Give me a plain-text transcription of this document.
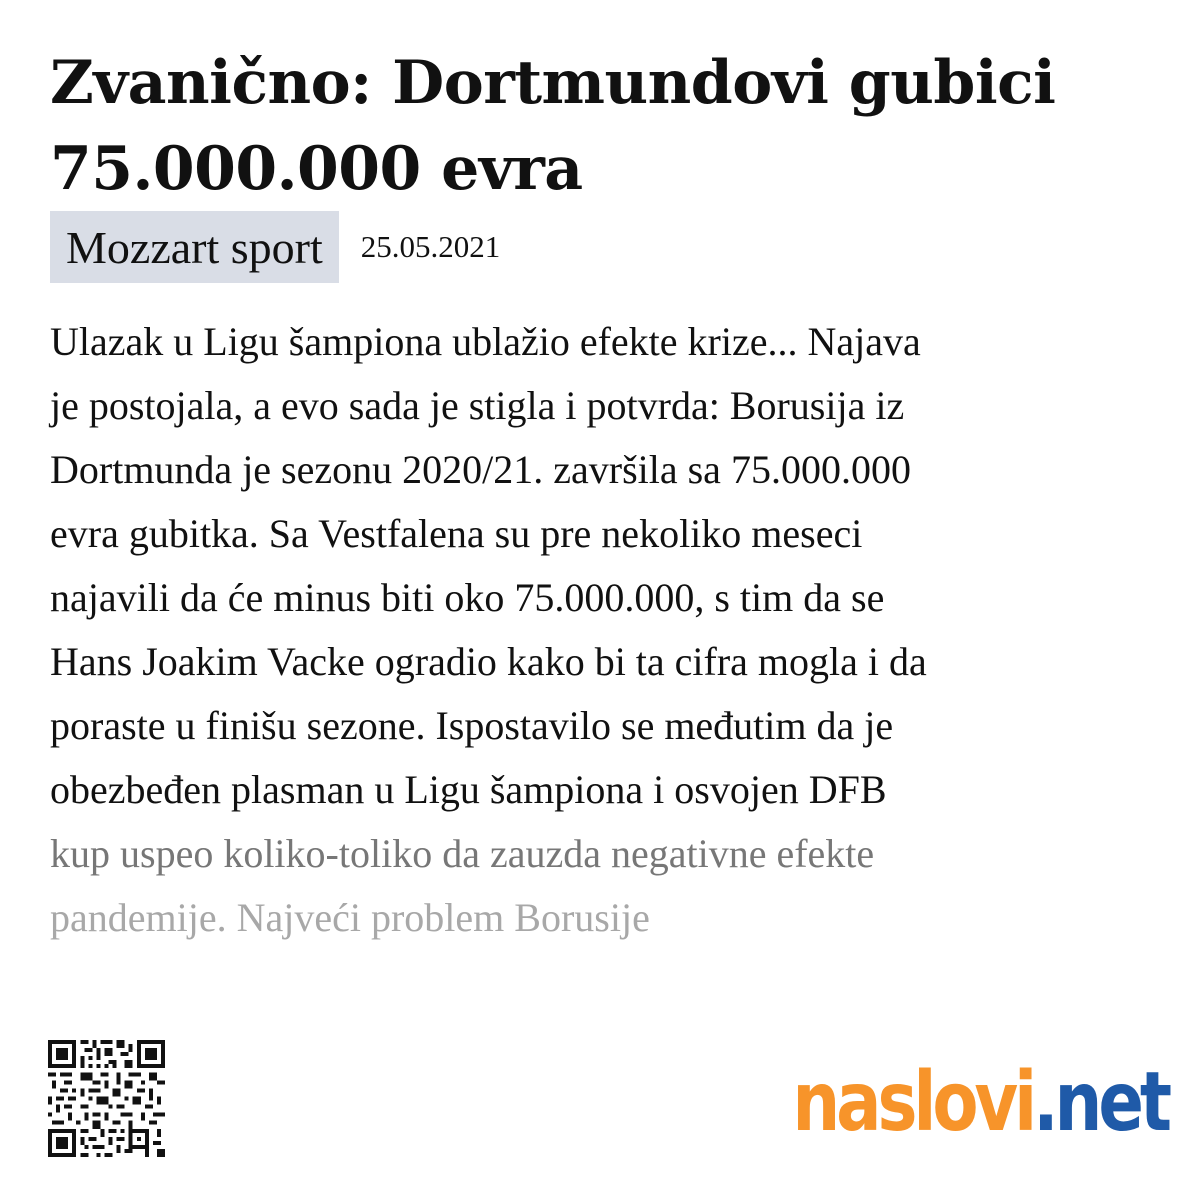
Zvanično: Dortmundovi gubici 75.000.000 evra
Mozzart sport 25.05.2021
Ulazak u Ligu šampiona ublažio efekte krize... Najava
je postojala, a evo sada je stigla i potvrda: Borusija iz
Dortmunda je sezonu 2020/21. završila sa 75.000.000
evra gubitka. Sa Vestfalena su pre nekoliko meseci
najavili da će minus biti oko 75.000.000, s tim da se
Hans Joakim Vacke ogradio kako bi ta cifra mogla i da
poraste u finišu sezone. Ispostavilo se međutim da je
obezbeđen plasman u Ligu šampiona i osvojen DFB
kup uspeo koliko-toliko da zauzda negativne efekte
pandemije. Najveći problem Borusije
naslovi.net
